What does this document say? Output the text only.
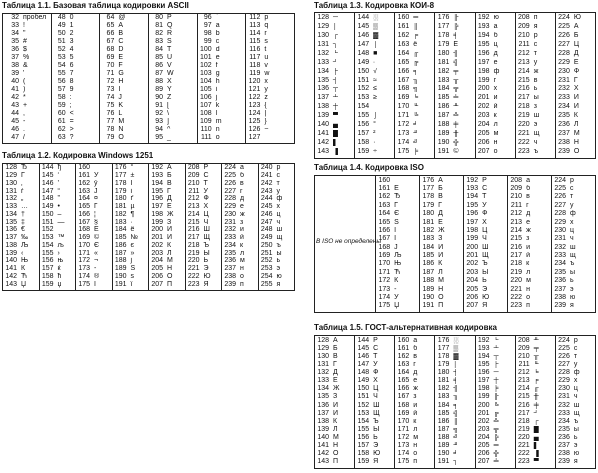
Таблица 1.1. Базовая таблица кодировки ASCII
32 пробел
33 !
34 "
35 #
36 $
37 %
38 &
39 '
40 (
41 )
42 *
43 +
44 ,
45 -
46 .
47 /
48 0
49 1
50 2
51 3
52 4
53 5
54 6
55 7
56 8
57 9
58 :
59 ;
60 <
61 =
62 >
63 ?
64 @
65 A
66 B
67 C
68 D
69 E
70 F
71 G
72 H
73 I
74 J
75 K
76 L
77 M
78 N
79 O
80 P
81 Q
82 R
83 S
84 T
85 U
86 V
87 W
88 X
89 Y
90 Z
91 [
92 \
93 ]
94 ^
95 _
96 `
97 a
98 b
99 c
100 d
101 e
102 f
103 g
104 h
105 i
106 j
107 k
108 l
109 m
110 n
111 o
112 p
113 q
114 r
115 s
116 t
117 u
118 v
119 w
120 x
121 y
122 z
123 {
124 |
125 }
126 ~
127
Таблица 1.2. Кодировка Windows 1251
128 Ђ
129 Ѓ
130 ‚
131 ѓ
132 „
133 …
134 †
135 ‡
136 €
137 ‰
138 Љ
139 ‹
140 Њ
141 Ќ
142 Ћ
143 Џ
144 ђ
145 ‘
146 ’
147 “
148 ”
149 •
150 –
151 —
152
153 ™
154 љ
155 ›
156 њ
157 ќ
158 ћ
159 џ
160
161 Ў
162 ў
163 Ј
164 ¤
165 Ґ
166 ¦
167 §
168 Ё
169 ©
170 Є
171 «
172 ¬
173 -
174 ®
175 Ї
176 °
177 ±
178 І
179 і
180 ґ
181 µ
182 ¶
183 ·
184 ё
185 №
186 є
187 »
188 ј
189 Ѕ
190 ѕ
191 ї
192 А
193 Б
194 В
195 Г
196 Д
197 Е
198 Ж
199 З
200 И
201 Й
202 К
203 Л
204 М
205 Н
206 О
207 П
208 Р
209 С
210 Т
211 У
212 Ф
213 Х
214 Ц
215 Ч
216 Ш
217 Щ
218 Ъ
219 Ы
220 Ь
221 Э
222 Ю
223 Я
224 а
225 б
226 в
227 г
228 д
229 е
230 ж
231 з
232 и
233 й
234 к
235 л
236 м
237 н
238 о
239 п
240 р
241 с
242 т
243 у
244 ф
245 х
246 ц
247 ч
248 ш
249 щ
250 ъ
251 ы
252 ь
253 э
254 ю
255 я
Таблица 1.3. Кодировка КОИ-8
128 ─
129 │
130 ┌
131 ┐
132 └
133 ┘
134 ├
135 ┤
136 ┬
137 ┴
138 ┼
139 ▀
140 ▄
141 █
142 ▌
143 ▐
144 ░
145 ▒
146 ▓
147 ⌠
148 ■
149 ∙
150 √
151 ≈
152 ≤
153 ≥
154
155 ⌡
156 °
157 ²
158 ·
159 ÷
160 ═
161 ║
162 ╒
163 ё
164 ╓
165 ╔
166 ╕
167 ╖
168 ╗
169 ╘
170 ╙
171 ╚
172 ╛
173 ╜
174 ╝
175 ╞
176 ╟
177 ╠
178 ╡
179 Ё
180 ╢
181 ╣
182 ╤
183 ╥
184 ╦
185 ╧
186 ╨
187 ╩
188 ╪
189 ╫
190 ╬
191 ©
192 ю
193 а
194 б
195 ц
196 д
197 е
198 ф
199 г
200 х
201 и
202 й
203 к
204 л
205 м
206 н
207 о
208 п
209 я
210 р
211 с
212 т
213 у
214 ж
215 в
216 ь
217 ы
218 з
219 ш
220 э
221 щ
222 ч
223 ъ
224 Ю
225 А
226 Б
227 Ц
228 Д
229 Е
230 Ф
231 Г
232 Х
233 И
234 Й
235 К
236 Л
237 М
238 Н
239 О
Таблица 1.4. Кодировка ISO
160
161 Ё
162 Ђ
163 Ѓ
164 Є
165 Ѕ
166 І
167 Ї
168 Ј
169 Љ
170 Њ
171 Ћ
172 Ќ
173 -
174 Ў
175 Џ
176 А
177 Б
178 В
179 Г
180 Д
181 Е
182 Ж
183 З
184 И
185 Й
186 К
187 Л
188 М
189 Н
190 О
191 П
192 Р
193 С
194 Т
195 У
196 Ф
197 Х
198 Ц
199 Ч
200 Ш
201 Щ
202 Ъ
203 Ы
204 Ь
205 Э
206 Ю
207 Я
208 а
209 б
210 в
211 г
212 д
213 е
214 ж
215 з
216 и
217 й
218 к
219 л
220 м
221 н
222 о
223 п
224 р
225 с
226 т
227 у
228 ф
229 х
230 ц
231 ч
232 ш
233 щ
234 ъ
235 ы
236 ь
237 э
238 ю
239 я
В ISO не определены
Таблица 1.5. ГОСТ-альтернативная кодировка
128 А
129 Б
130 В
131 Г
132 Д
133 Е
134 Ж
135 З
136 И
137 Й
138 К
139 Л
140 М
141 Н
142 О
143 П
144 Р
145 С
146 Т
147 У
148 Ф
149 Х
150 Ц
151 Ч
152 Ш
153 Щ
154 Ъ
155 Ы
156 Ь
157 Э
158 Ю
159 Я
160 а
161 б
162 в
163 г
164 д
165 е
166 ж
167 з
168 и
169 й
170 к
171 л
172 м
173 н
174 о
175 п
176 ░
177 ▒
178 ▓
179 │
180 ┤
181 ╡
182 ╢
183 ╖
184 ╕
185 ╣
186 ║
187 ╗
188 ╝
189 ╜
190 ╛
191 ┐
192 └
193 ┴
194 ┬
195 ├
196 ─
197 ┼
198 ╞
199 ╟
200 ╚
201 ╔
202 ╩
203 ╦
204 ╠
205 ═
206 ╬
207 ╧
208 ╨
209 ╤
210 ╥
211 ╙
212 ╘
213 ╒
214 ╓
215 ╫
216 ╪
217 ┘
218 ┌
219 █
220 ▄
221 ▌
222 ▐
223 ▀
224 р
225 с
226 т
227 у
228 ф
229 х
230 ц
231 ч
232 ш
233 щ
234 ъ
235 ы
236 ь
237 э
238 ю
239 я
